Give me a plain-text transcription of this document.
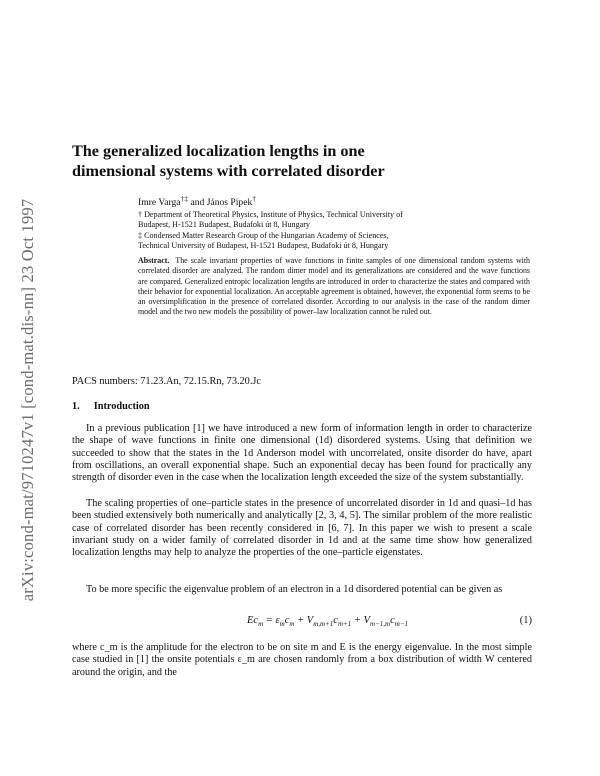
arXiv:cond-mat/9710247v1 [cond-mat.dis-nn] 23 Oct 1997
The generalized localization lengths in one
dimensional systems with correlated disorder
Imre Varga†‡ and János Pipek†
† Department of Theoretical Physics, Institute of Physics, Technical University of
Budapest, H-1521 Budapest, Budafoki út 8, Hungary
‡ Condensed Matter Research Group of the Hungarian Academy of Sciences,
Technical University of Budapest, H-1521 Budapest, Budafoki út 8, Hungary

Abstract. The scale invariant properties of wave functions in finite samples of one dimensional random systems with correlated disorder are analyzed. The random dimer model and its generalizations are considered and the wave functions are compared. Generalized entropic localization lengths are introduced in order to characterize the states and compared with their behavior for exponential localization. An acceptable agreement is obtained, however, the exponential form seems to be an oversimplification in the presence of correlated disorder. According to our analysis in the case of the random dimer model and the two new models the possibility of power–law localization cannot be ruled out.

PACS numbers: 71.23.An, 72.15.Rn, 73.20.Jc
1. Introduction

In a previous publication [1] we have introduced a new form of information length in order to characterize the shape of wave functions in finite one dimensional (1d) disordered systems. Using that definition we succeeded to show that the states in the 1d Anderson model with uncorrelated, onsite disorder do have, apart from oscillations, an overall exponential shape. Such an exponential decay has been found for practically any strength of disorder even in the case when the localization length exceeded the size of the system substantially.

The scaling properties of one–particle states in the presence of uncorrelated disorder in 1d and quasi–1d has been studied extensively both numerically and analytically [2, 3, 4, 5]. The similar problem of the more realistic case of correlated disorder has been recently considered in [6, 7]. In this paper we wish to present a scale invariant study on a wider family of correlated disorder in 1d and at the same time show how generalized localization lengths may help to analyze the properties of the one–particle eigenstates.

To be more specific the eigenvalue problem of an electron in a 1d disordered potential can be given as

$Ec_m = \varepsilon_mc_m + V_{m,m+1}c_{m+1} + V_{m-1,m}c_{m-1}$	(1)

where c_m is the amplitude for the electron to be on site m and E is the energy eigenvalue. In the most simple case studied in [1] the onsite potentials ε_m are chosen randomly from a box distribution of width W centered around the origin, and the
